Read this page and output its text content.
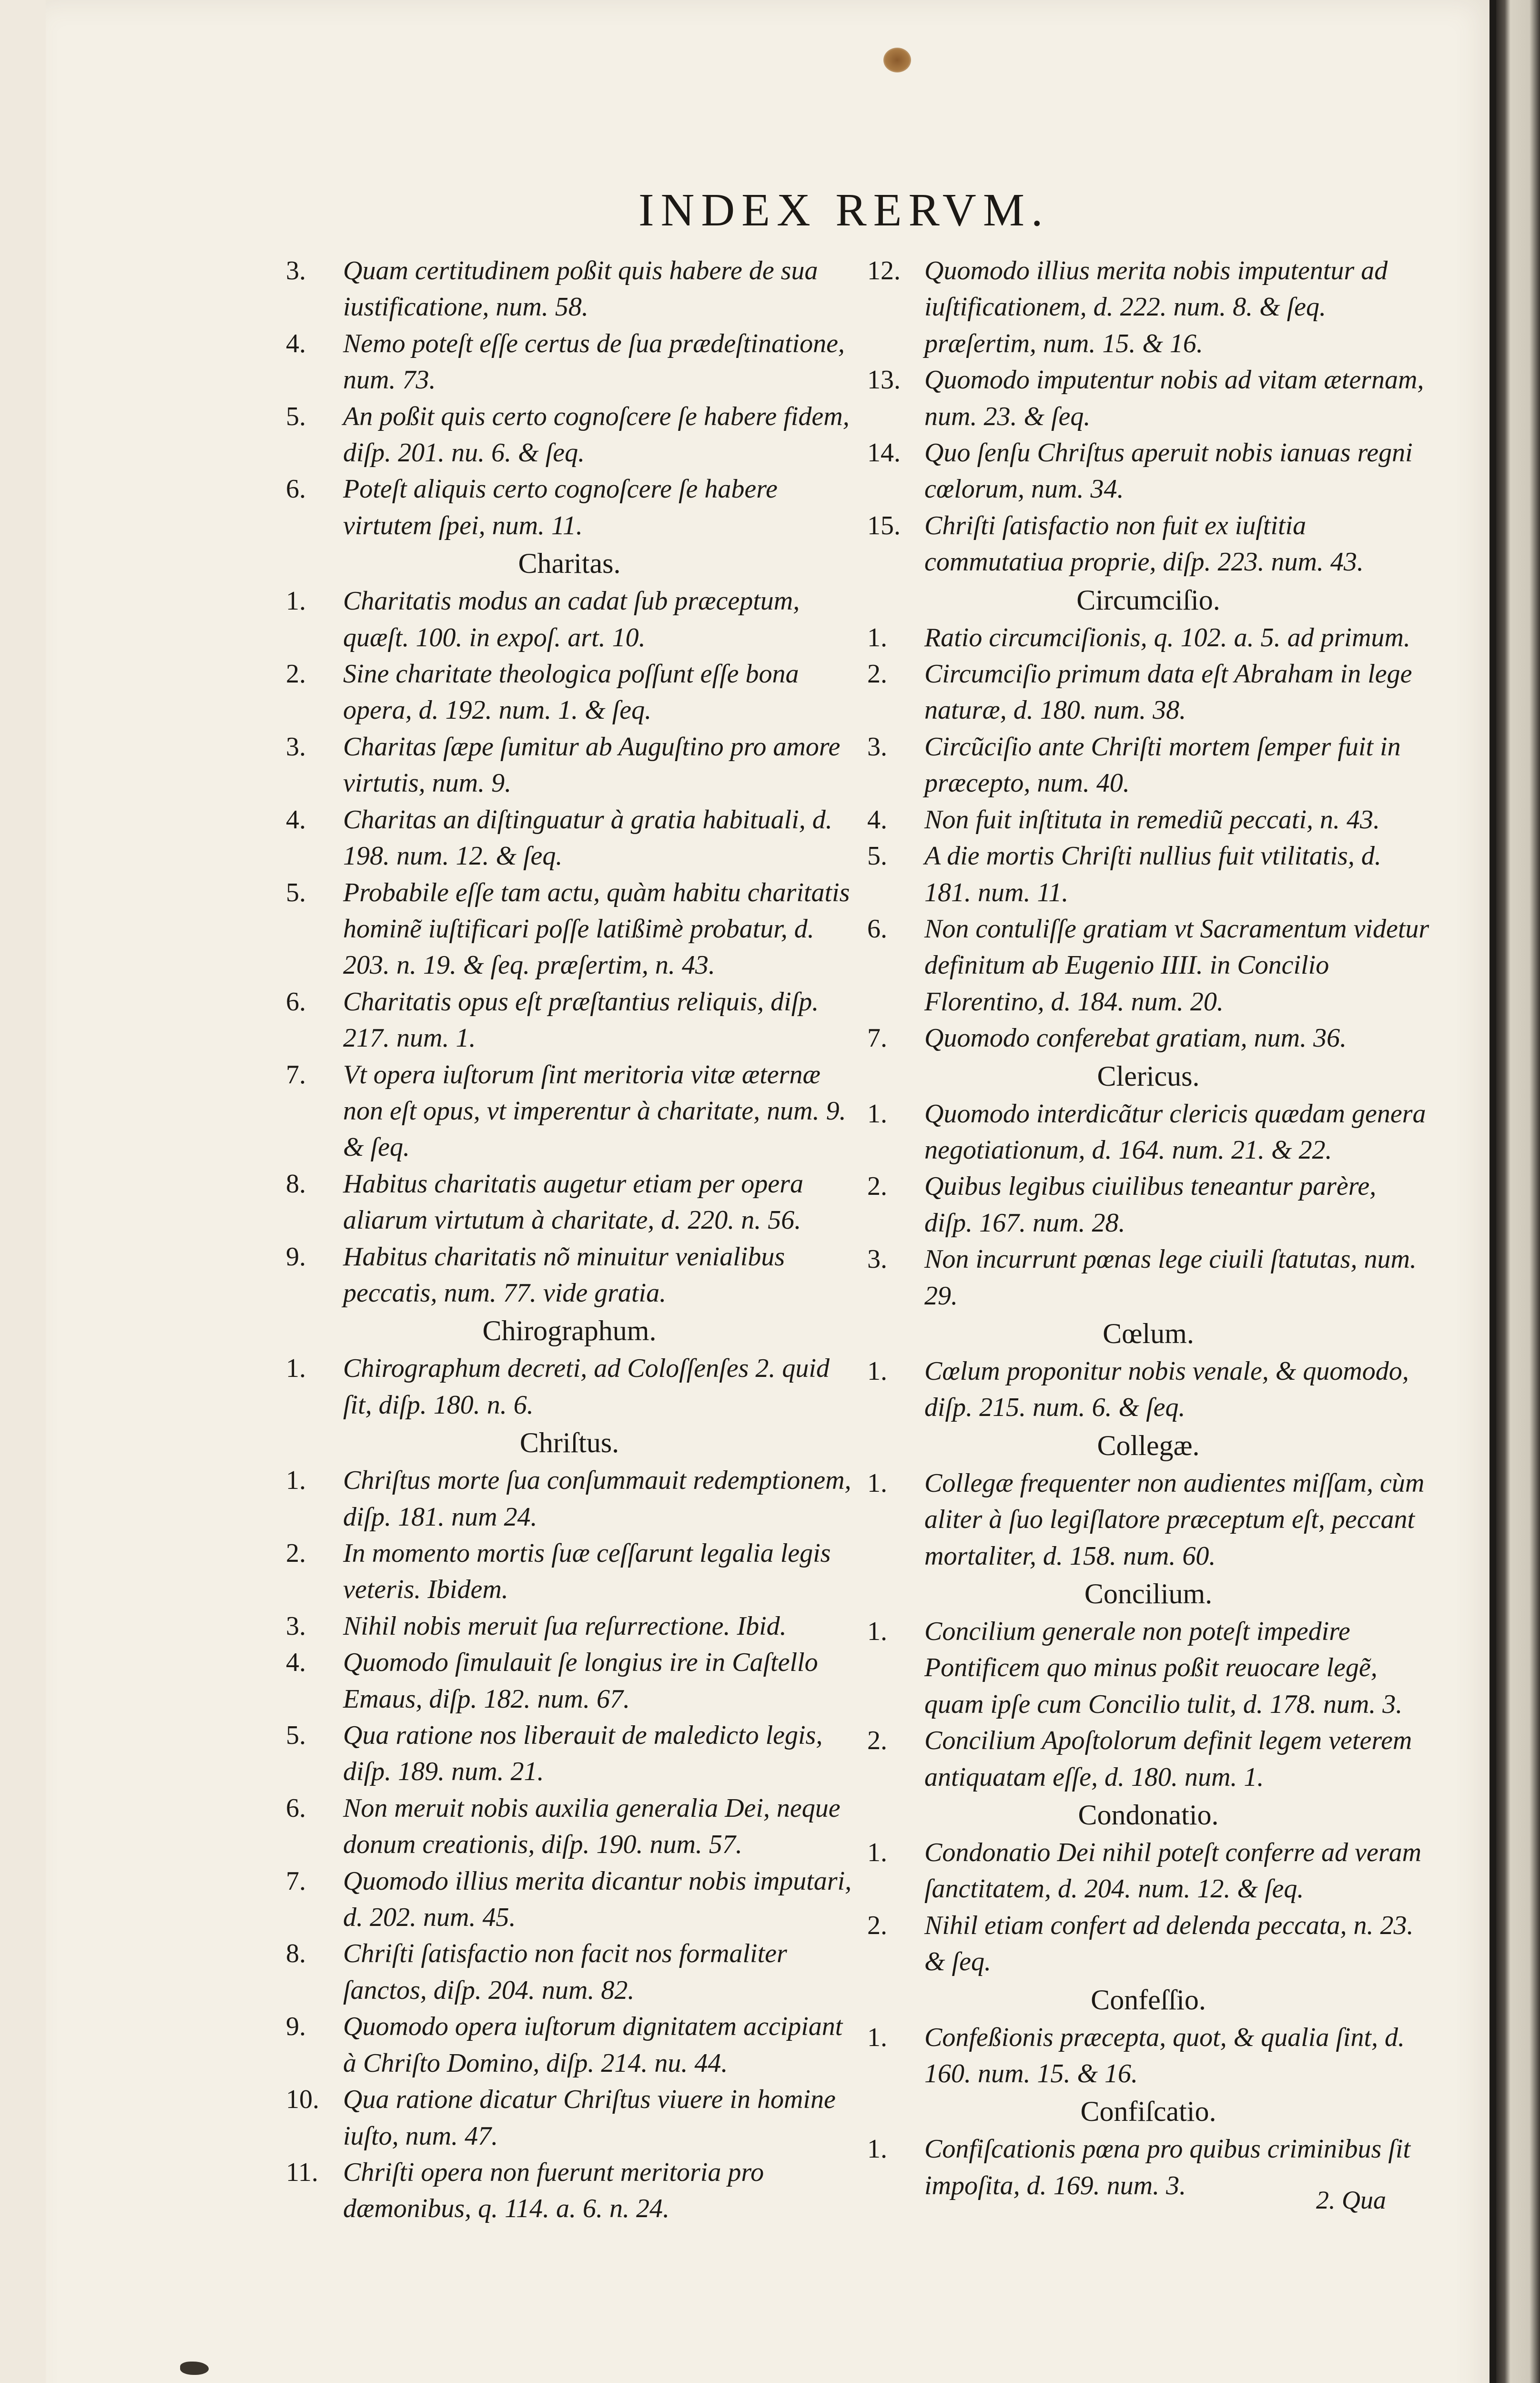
INDEX RERVM.
3.	Quam certitudinem poßit quis habere de sua iustificatione, num. 58.
4.	Nemo poteſt eſſe certus de ſua prædeſtinatione, num. 73.
5.	An poßit quis certo cognoſcere ſe habere fidem, diſp. 201. nu. 6. & ſeq.
6.	Poteſt aliquis certo cognoſcere ſe habere virtutem ſpei, num. 11.
Charitas.
1.	Charitatis modus an cadat ſub præceptum, quæſt. 100. in expoſ. art. 10.
2.	Sine charitate theologica poſſunt eſſe bona opera, d. 192. num. 1. & ſeq.
3.	Charitas ſæpe ſumitur ab Auguſtino pro amore virtutis, num. 9.
4.	Charitas an diſtinguatur à gratia habituali, d. 198. num. 12. & ſeq.
5.	Probabile eſſe tam actu, quàm habitu charitatis hominẽ iuſtificari poſſe latißimè probatur, d. 203. n. 19. & ſeq. præſertim, n. 43.
6.	Charitatis opus eſt præſtantius reliquis, diſp. 217. num. 1.
7.	Vt opera iuſtorum ſint meritoria vitæ æternæ non eſt opus, vt imperentur à charitate, num. 9. & ſeq.
8.	Habitus charitatis augetur etiam per opera aliarum virtutum à charitate, d. 220. n. 56.
9.	Habitus charitatis nõ minuitur venialibus peccatis, num. 77. vide gratia.
Chirographum.
1.	Chirographum decreti, ad Coloſſenſes 2. quid ſit, diſp. 180. n. 6.
Chriſtus.
1.	Chriſtus morte ſua conſummauit redemptionem, diſp. 181. num 24.
2.	In momento mortis ſuæ ceſſarunt legalia legis veteris. Ibidem.
3.	Nihil nobis meruit ſua reſurrectione. Ibid.
4.	Quomodo ſimulauit ſe longius ire in Caſtello Emaus, diſp. 182. num. 67.
5.	Qua ratione nos liberauit de maledicto legis, diſp. 189. num. 21.
6.	Non meruit nobis auxilia generalia Dei, neque donum creationis, diſp. 190. num. 57.
7.	Quomodo illius merita dicantur nobis imputari, d. 202. num. 45.
8.	Chriſti ſatisfactio non facit nos formaliter ſanctos, diſp. 204. num. 82.
9.	Quomodo opera iuſtorum dignitatem accipiant à Chriſto Domino, diſp. 214. nu. 44.
10. Qua ratione dicatur Chriſtus viuere in homine iuſto, num. 47.
11. Chriſti opera non fuerunt meritoria pro dæmonibus, q. 114. a. 6. n. 24.
12. Quomodo illius merita nobis imputentur ad iuſtificationem, d. 222. num. 8. & ſeq. præſertim, num. 15. & 16.
13. Quomodo imputentur nobis ad vitam æternam, num. 23. & ſeq.
14. Quo ſenſu Chriſtus aperuit nobis ianuas regni cœlorum, num. 34.
15. Chriſti ſatisfactio non fuit ex iuſtitia commutatiua proprie, diſp. 223. num. 43.
Circumciſio.
1.	Ratio circumciſionis, q. 102. a. 5. ad primum.
2.	Circumciſio primum data eſt Abraham in lege naturæ, d. 180. num. 38.
3.	Circũciſio ante Chriſti mortem ſemper fuit in præcepto, num. 40.
4.	Non fuit inſtituta in remediũ peccati, n. 43.
5.	A die mortis Chriſti nullius fuit vtilitatis, d. 181. num. 11.
6.	Non contuliſſe gratiam vt Sacramentum videtur definitum ab Eugenio IIII. in Concilio Florentino, d. 184. num. 20.
7.	Quomodo conferebat gratiam, num. 36.
Clericus.
1.	Quomodo interdicãtur clericis quædam genera negotiationum, d. 164. num. 21. & 22.
2.	Quibus legibus ciuilibus teneantur parère, diſp. 167. num. 28.
3.	Non incurrunt pœnas lege ciuili ſtatutas, num. 29.
Cœlum.
1.	Cœlum proponitur nobis venale, & quomodo, diſp. 215. num. 6. & ſeq.
Collegæ.
1.	Collegæ frequenter non audientes miſſam, cùm aliter à ſuo legiſlatore præceptum eſt, peccant mortaliter, d. 158. num. 60.
Concilium.
1.	Concilium generale non poteſt impedire Pontificem quo minus poßit reuocare legẽ, quam ipſe cum Concilio tulit, d. 178. num. 3.
2.	Concilium Apoſtolorum definit legem veterem antiquatam eſſe, d. 180. num. 1.
Condonatio.
1.	Condonatio Dei nihil poteſt conferre ad veram ſanctitatem, d. 204. num. 12. & ſeq.
2.	Nihil etiam confert ad delenda peccata, n. 23. & ſeq.
Confeſſio.
1.	Confeßionis præcepta, quot, & qualia ſint, d. 160. num. 15. & 16.
Confiſcatio.
1.	Confiſcationis pœna pro quibus criminibus ſit impoſita, d. 169. num. 3.	2. Qua
